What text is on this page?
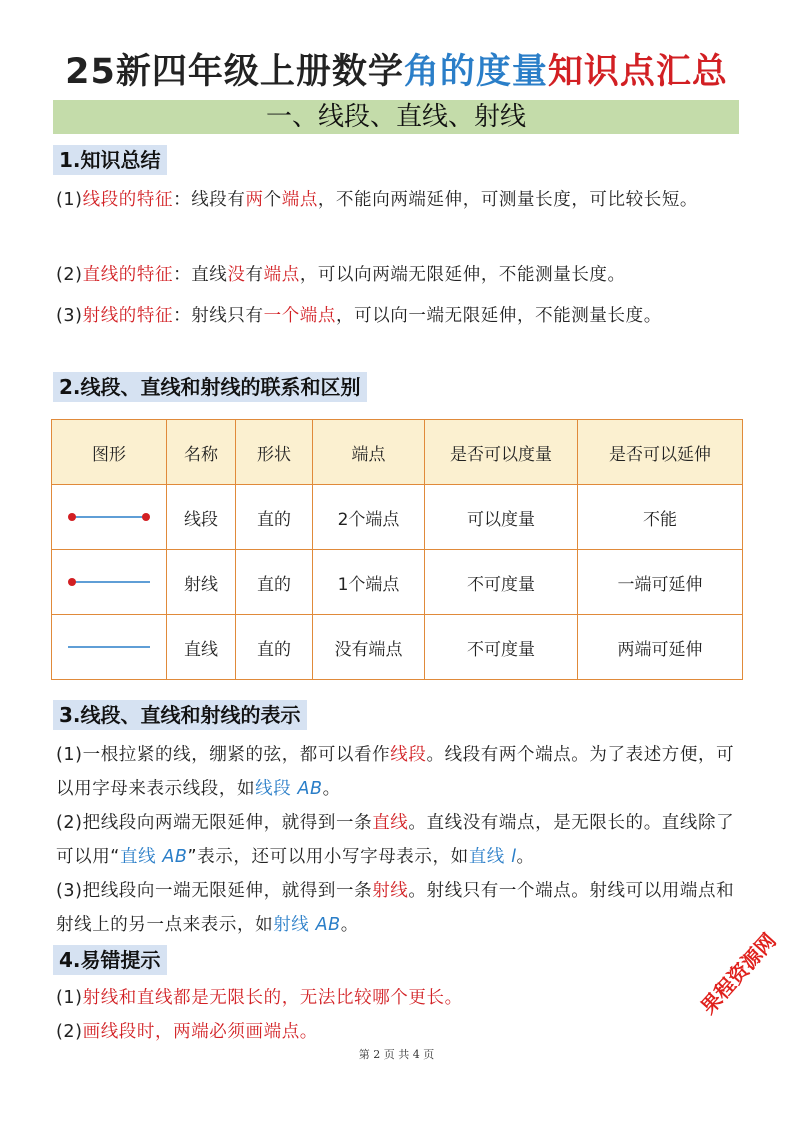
25新四年级上册数学角的度量知识点汇总
一、线段、直线、射线
1.知识总结
(1)线段的特征：线段有两个端点，不能向两端延伸，可测量长度，可比较长短。
(2)直线的特征：直线没有端点，可以向两端无限延伸，不能测量长度。
(3)射线的特征：射线只有一个端点，可以向一端无限延伸，不能测量长度。
2.线段、直线和射线的联系和区别
图形	名称	形状	端点	是否可以度量	是否可以延伸

	线段	直的	2个端点	可以度量	不能

	射线	直的	1个端点	不可度量	一端可延伸

	直线	直的	没有端点	不可度量	两端可延伸
3.线段、直线和射线的表示
(1)一根拉紧的线，绷紧的弦，都可以看作线段。线段有两个端点。为了表述方便，可以用字母来表示线段，如线段 AB。
(2)把线段向两端无限延伸，就得到一条直线。直线没有端点，是无限长的。直线除了可以用“直线 AB”表示，还可以用小写字母表示，如直线 l。
(3)把线段向一端无限延伸，就得到一条射线。射线只有一个端点。射线可以用端点和射线上的另一点来表示，如射线 AB。
4.易错提示
(1)射线和直线都是无限长的，无法比较哪个更长。
(2)画线段时，两端必须画端点。
第 2 页 共 4 页
果程资源网
